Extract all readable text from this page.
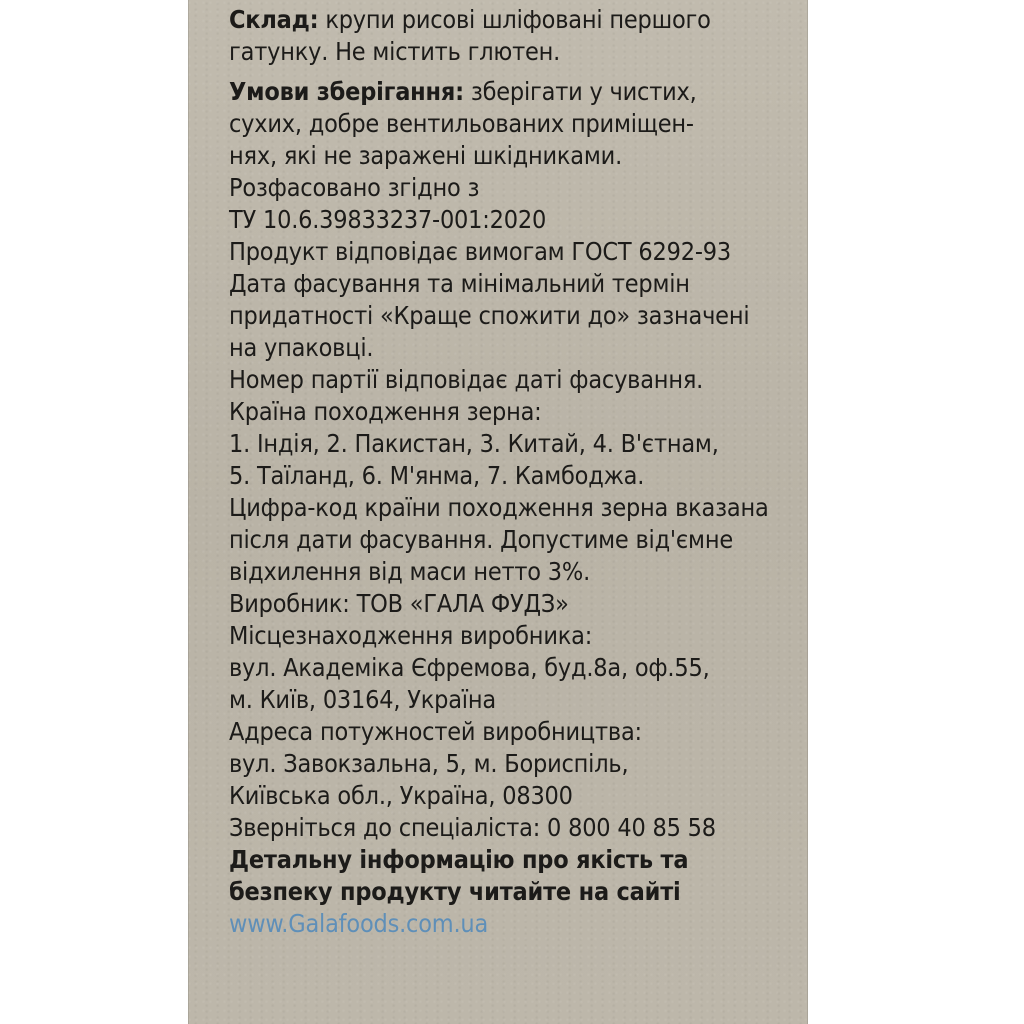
Склад: крупи рисові шліфовані першого
гатунку. Не містить глютен.
Умови зберігання: зберігати у чистих,
сухих, добре вентильованих приміщен-
нях, які не заражені шкідниками.
Розфасовано згідно з
ТУ 10.6.39833237-001:2020
Продукт відповідає вимогам ГОСТ 6292-93
Дата фасування та мінімальний термін
придатності «Краще спожити до» зазначені
на упаковці.
Номер партії відповідає даті фасування.
Країна походження зерна:
1. Індія, 2. Пакистан, 3. Китай, 4. В'єтнам,
5. Таїланд, 6. М'янма, 7. Камбоджа.
Цифра-код країни походження зерна вказана
після дати фасування. Допустиме від'ємне
відхилення від маси нетто 3%.
Виробник: ТОВ «ГАЛА ФУДЗ»
Місцезнаходження виробника:
вул. Академіка Єфремова, буд.8а, оф.55,
м. Київ, 03164, Україна
Адреса потужностей виробництва:
вул. Завокзальна, 5, м. Бориспіль,
Київська обл., Україна, 08300
Зверніться до спеціаліста: 0 800 40 85 58
Детальну інформацію про якість та
безпеку продукту читайте на сайті
www.Galafoods.com.ua
